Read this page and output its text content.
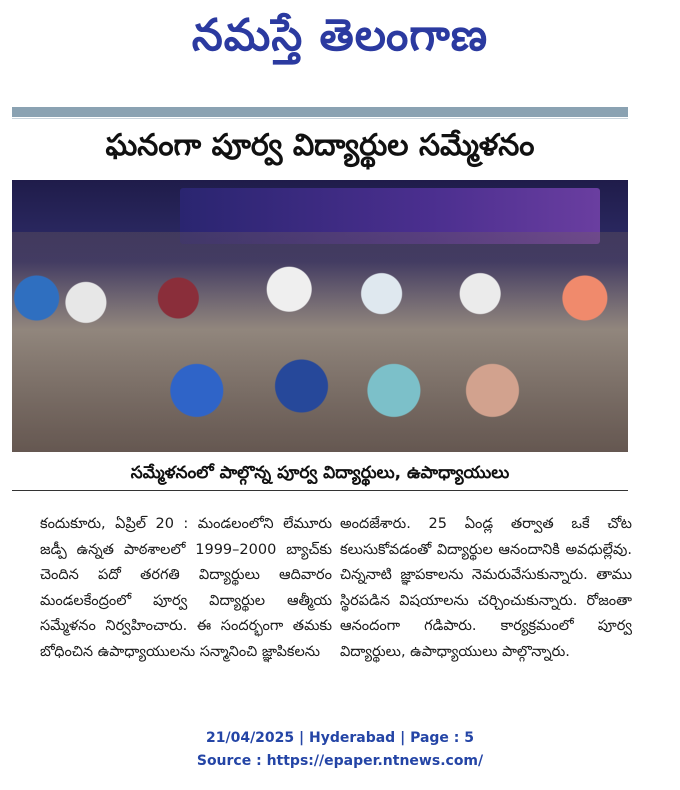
నమస్తే తెలంగాణ
ఘనంగా పూర్వ విద్యార్థుల సమ్మేళనం
సమ్మేళనంలో పాల్గొన్న పూర్వ విద్యార్థులు, ఉపాధ్యాయులు

కందుకూరు, ఏప్రిల్ 20 : మండలంలోని లేమూరు జడ్పీ ఉన్నత పాఠశాలలో 1999–2000 బ్యాచ్‌కు చెందిన పదో తరగతి విద్యార్థులు ఆదివారం మండలకేంద్రంలో పూర్వ విద్యార్థుల ఆత్మీయ సమ్మేళనం నిర్వహించారు. ఈ సందర్భంగా తమకు బోధించిన ఉపాధ్యాయులను సన్మానించి జ్ఞాపికలను

అందజేశారు. 25 ఏండ్ల తర్వాత ఒకే చోట కలుసుకోవడంతో విద్యార్థుల ఆనందానికి అవధుల్లేవు. చిన్ననాటి జ్ఞాపకాలను నెమరువేసుకున్నారు. తాము స్థిరపడిన విషయాలను చర్చించుకున్నారు. రోజంతా ఆనందంగా గడిపారు. కార్యక్రమంలో పూర్వ విద్యార్థులు, ఉపాధ్యాయులు పాల్గొన్నారు.

21/04/2025 | Hyderabad | Page : 5
Source : https://epaper.ntnews.com/
